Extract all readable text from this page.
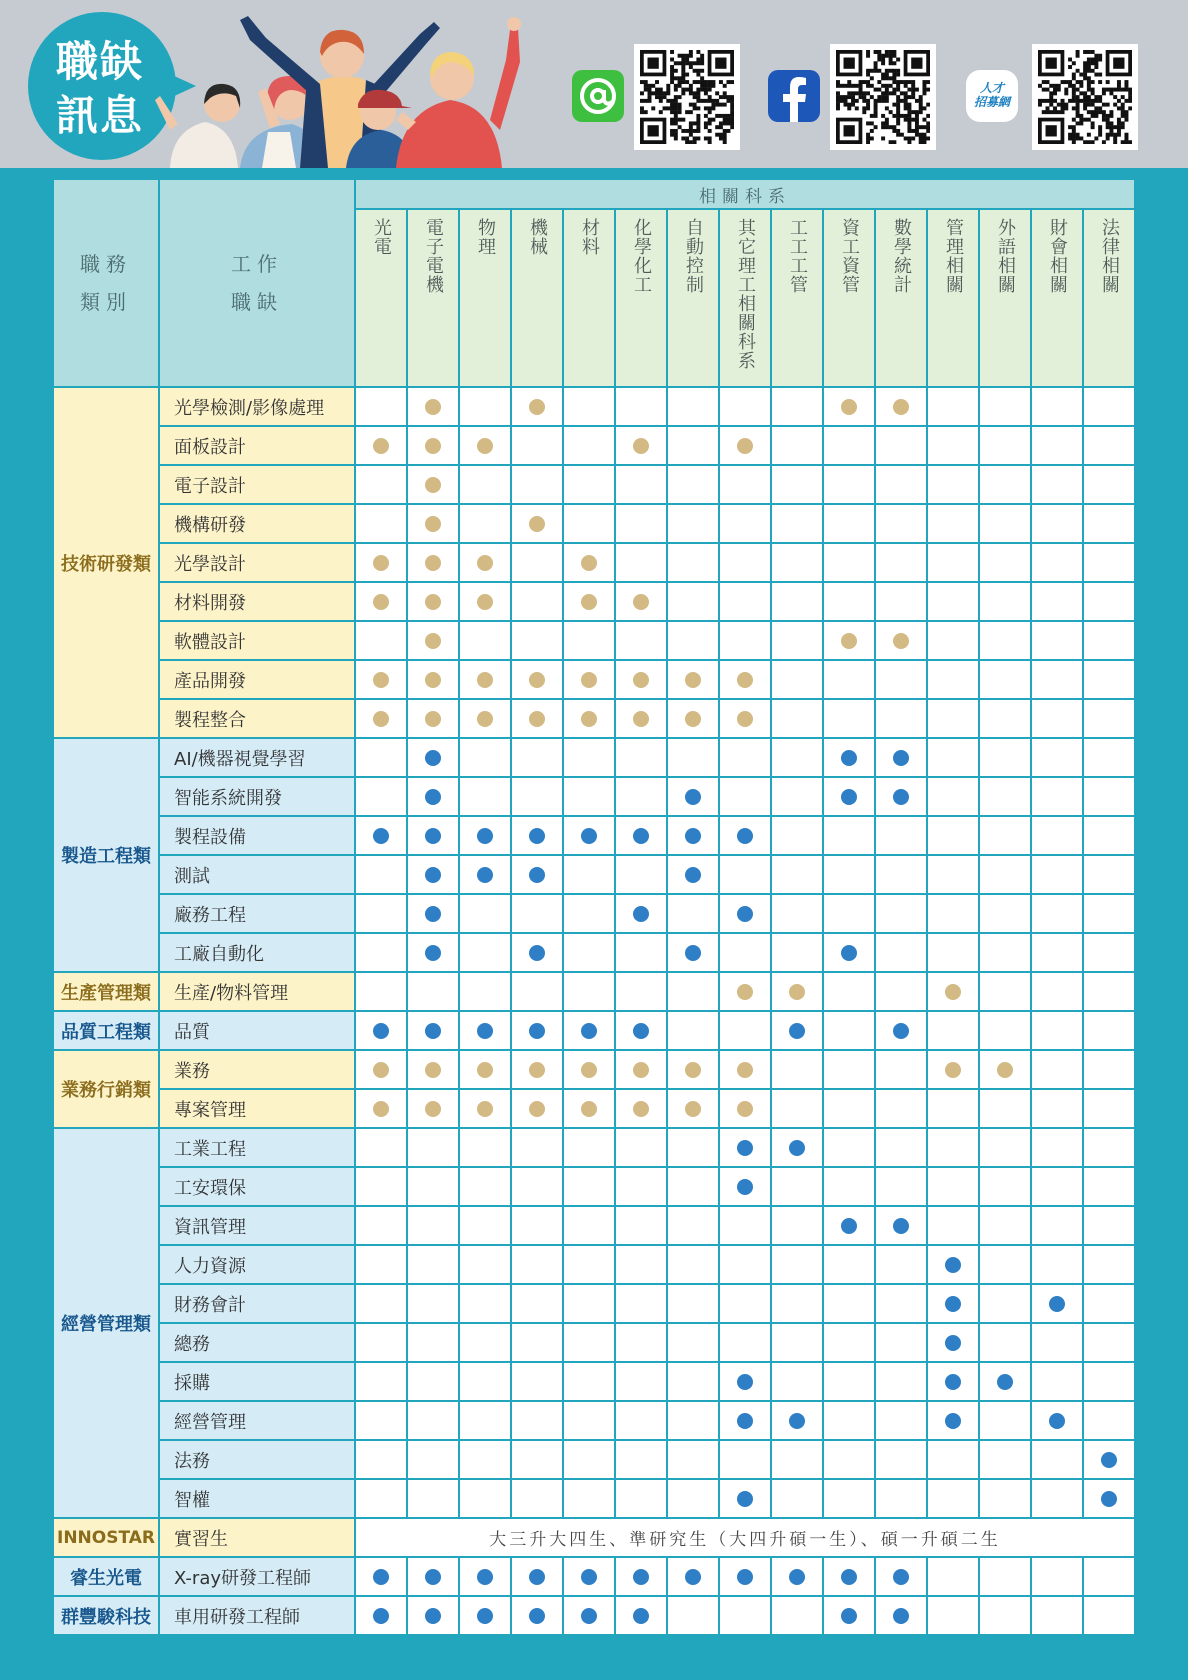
職缺
訊息
人才
招募網
職務
類別
工作
職缺
相關科系
光電 電子電機 物理 機械 材料 化學化工 自動控制 其它理工相關科系 工工工管 資工資管 數學統計 管理相關 外語相關 財會相關 法律相關
技術研發類
光學檢測/影像處理
面板設計
電子設計
機構研發
光學設計
材料開發
軟體設計
產品開發
製程整合
製造工程類
AI/機器視覺學習
智能系統開發
製程設備
測試
廠務工程
工廠自動化
生產管理類 生產/物料管理
品質工程類 品質
業務行銷類
業務
專案管理
經營管理類
工業工程
工安環保
資訊管理
人力資源
財務會計
總務
採購
經營管理
法務
智權
INNOSTAR 實習生	大三升大四生、準研究生（大四升碩一生）、碩一升碩二生
睿生光電 X-ray研發工程師
群豐駿科技 車用研發工程師
